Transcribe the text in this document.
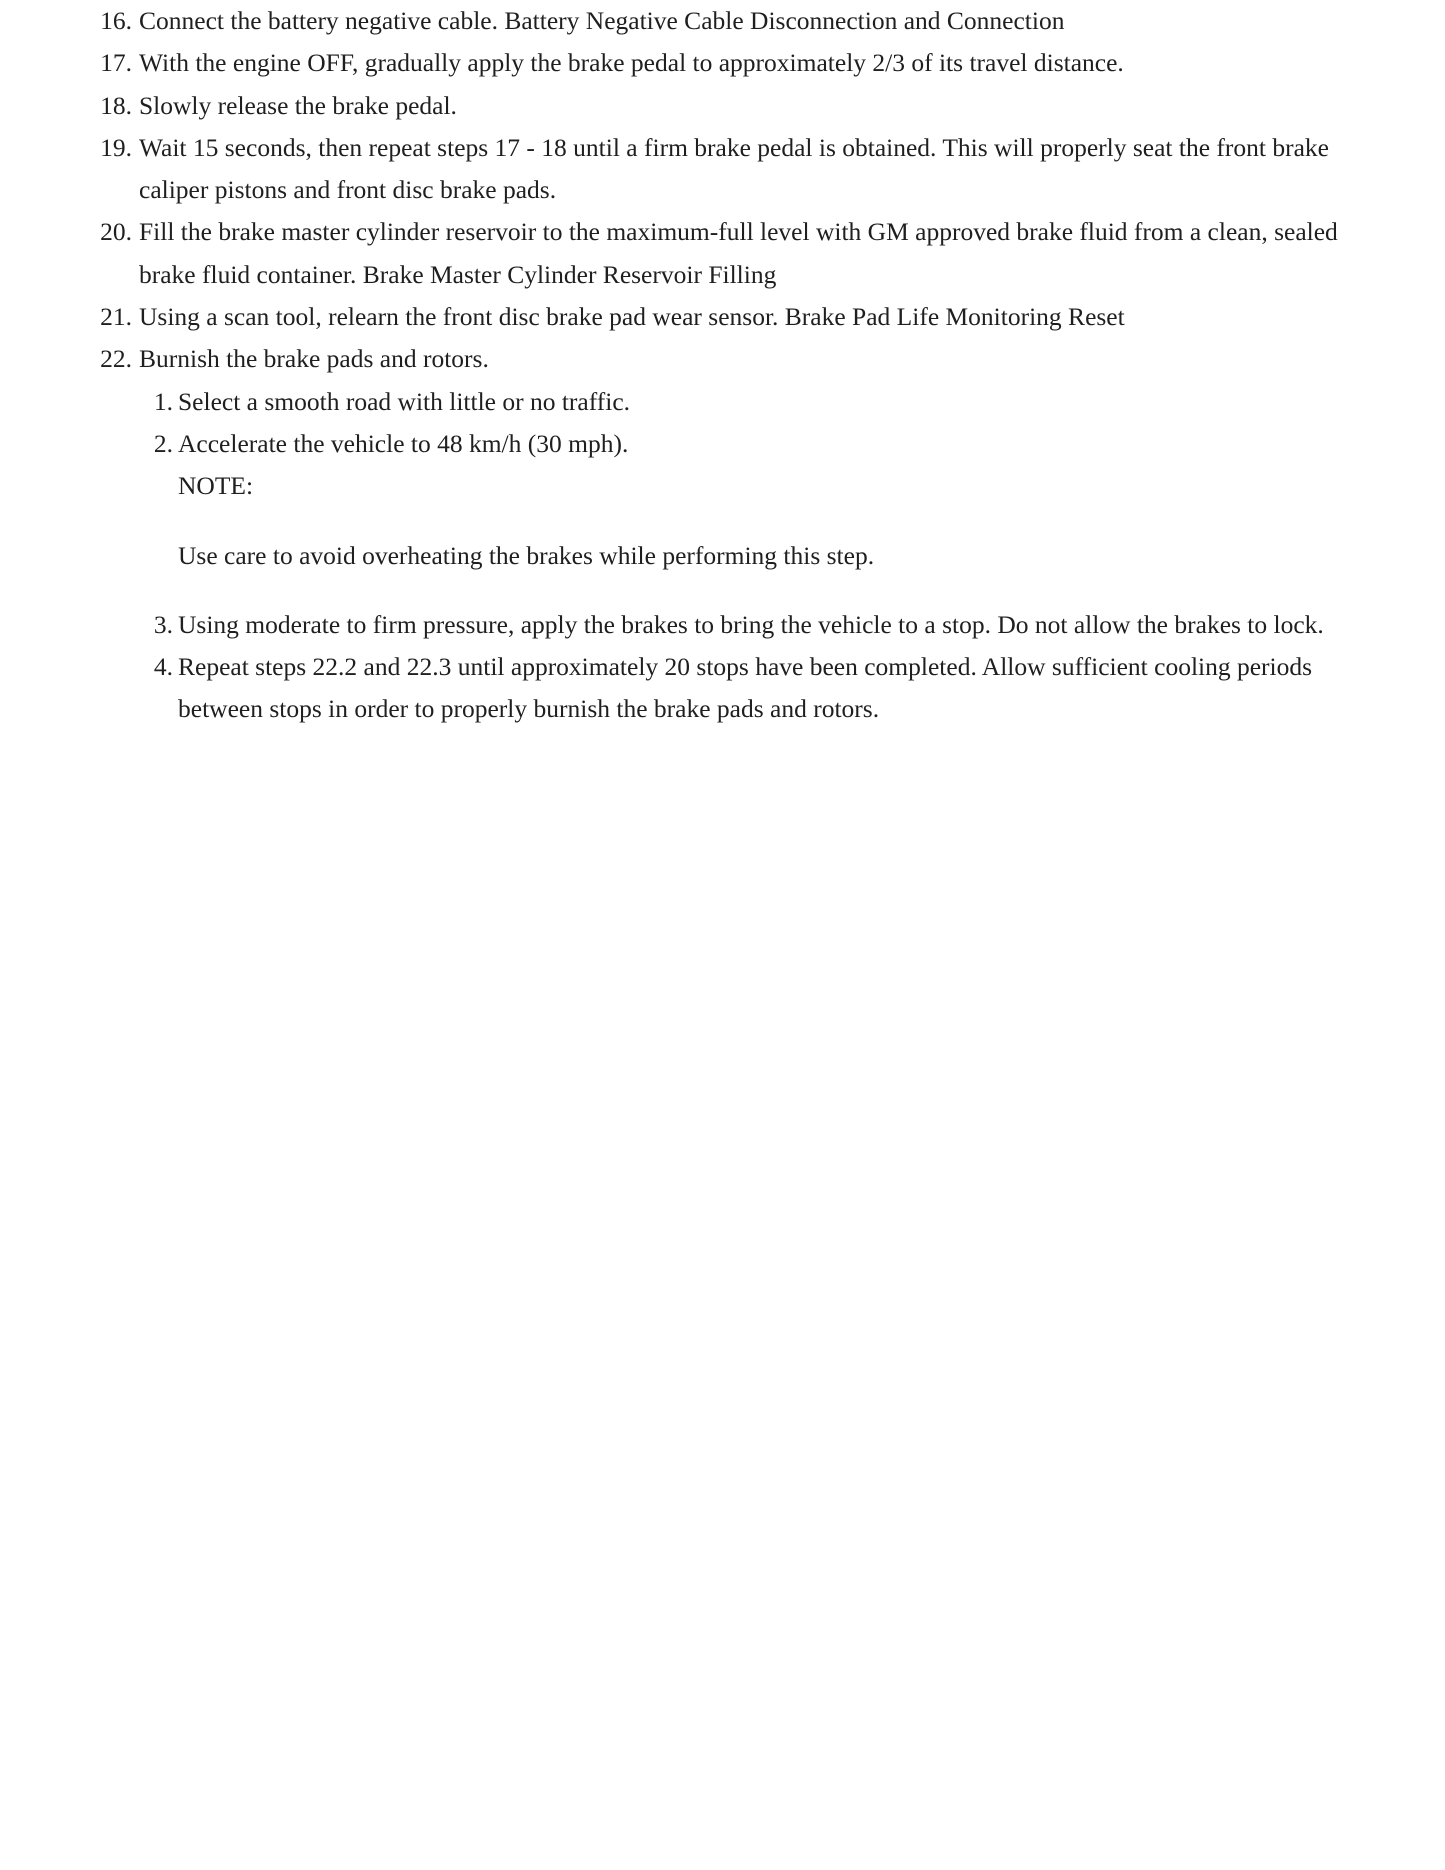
16. Connect the battery negative cable. Battery Negative Cable Disconnection and Connection
17. With the engine OFF, gradually apply the brake pedal to approximately 2/3 of its travel distance.
18. Slowly release the brake pedal.
19. Wait 15 seconds, then repeat steps 17 - 18 until a firm brake pedal is obtained. This will properly seat the front brake caliper pistons and front disc brake pads.
20. Fill the brake master cylinder reservoir to the maximum-full level with GM approved brake fluid from a clean, sealed brake fluid container. Brake Master Cylinder Reservoir Filling
21. Using a scan tool, relearn the front disc brake pad wear sensor. Brake Pad Life Monitoring Reset
22. Burnish the brake pads and rotors.
1. Select a smooth road with little or no traffic.
2. Accelerate the vehicle to 48 km/h (30 mph).
NOTE:
Use care to avoid overheating the brakes while performing this step.
3. Using moderate to firm pressure, apply the brakes to bring the vehicle to a stop. Do not allow the brakes to lock.
4. Repeat steps 22.2 and 22.3 until approximately 20 stops have been completed. Allow sufficient cooling periods between stops in order to properly burnish the brake pads and rotors.
